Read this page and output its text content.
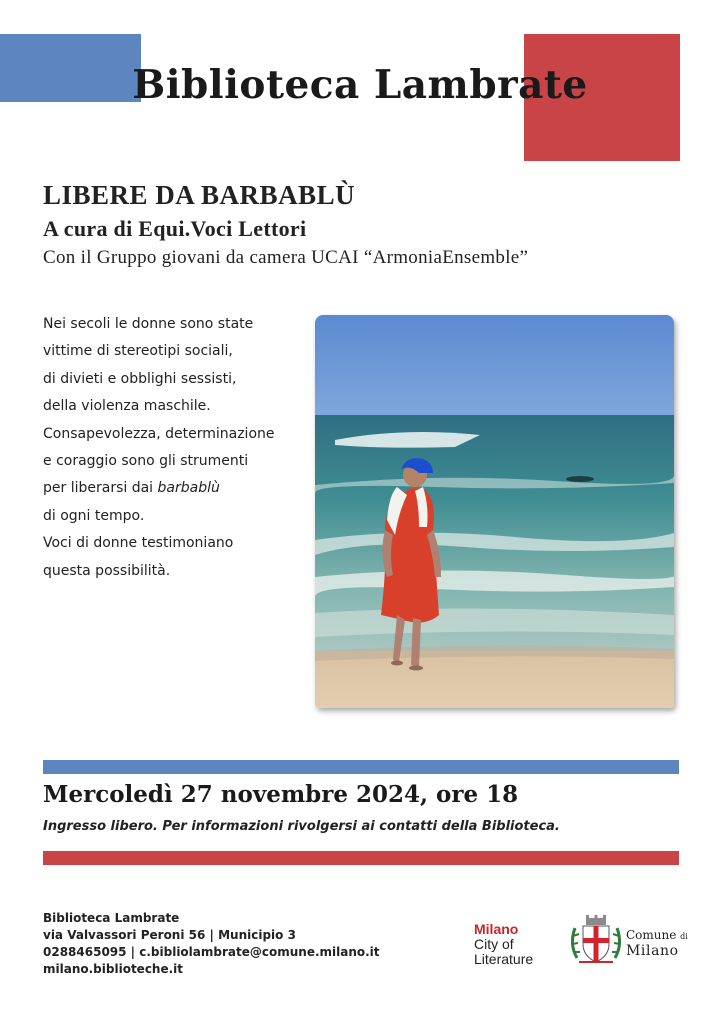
Biblioteca Lambrate
LIBERE DA BARBABLÙ
A cura di Equi.Voci Lettori

Con il Gruppo giovani da camera UCAI “ArmoniaEnsemble”

Nei secoli le donne sono state
vittime di stereotipi sociali,
di divieti e obblighi sessisti,
della violenza maschile.
Consapevolezza, determinazione
e coraggio sono gli strumenti
per liberarsi dai barbablù
di ogni tempo.
Voci di donne testimoniano
questa possibilità.
Mercoledì 27 novembre 2024, ore 18

Ingresso libero. Per informazioni rivolgersi ai contatti della Biblioteca.

Biblioteca Lambrate
via Valvassori Peroni 56 | Municipio 3
0288465095 | c.bibliolambrate@comune.milano.it
milano.biblioteche.it
Milano
City of
Literature
Comune di
Milano
